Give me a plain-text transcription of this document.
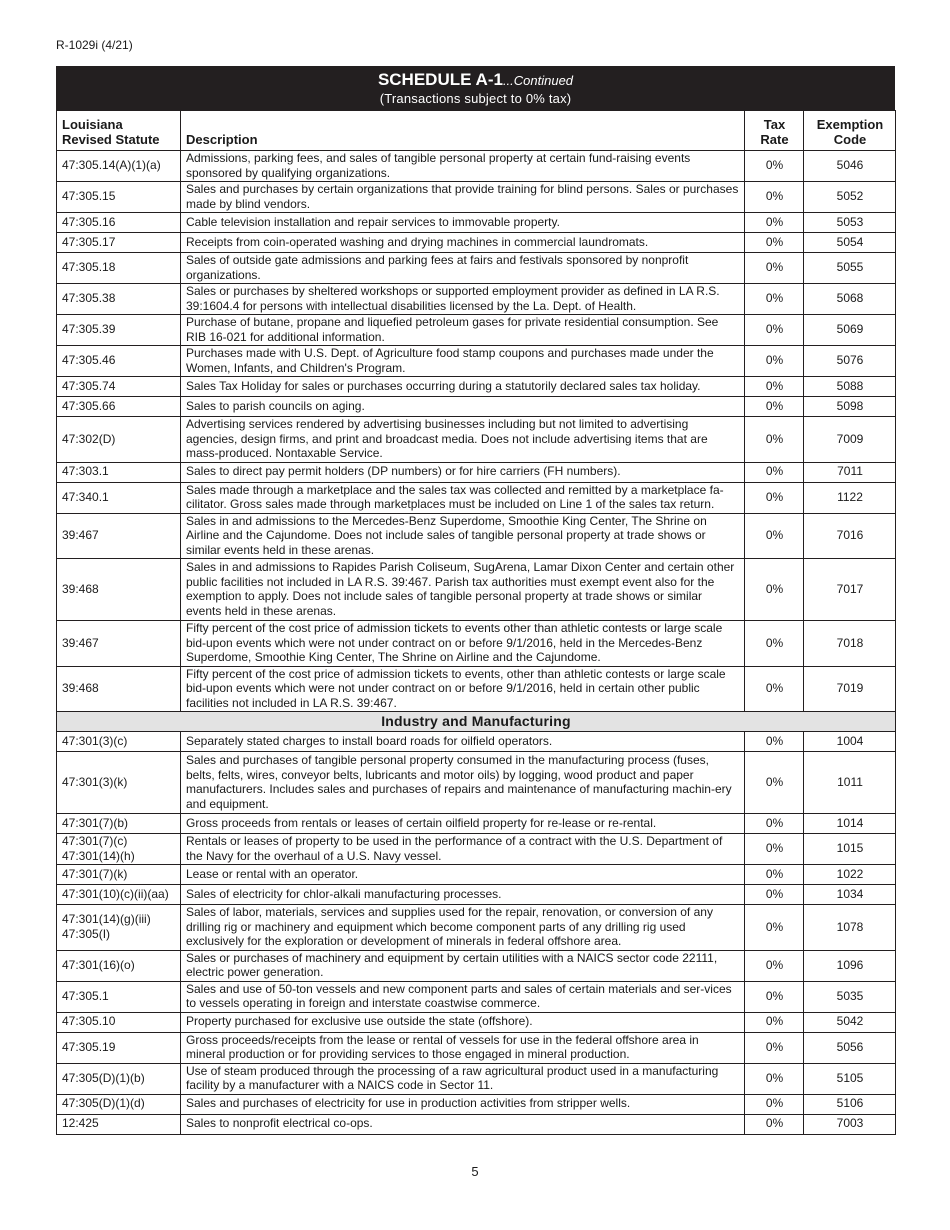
R-1029i (4/21)
SCHEDULE A-1...Continued
(Transactions subject to 0% tax)
Louisiana Revised Statute	Description	Tax Rate	Exemption Code

47:305.14(A)(1)(a)	Admissions, parking fees, and sales of tangible personal property at certain fund-raising events sponsored by qualifying organizations.	0%	5046

47:305.15	Sales and purchases by certain organizations that provide training for blind persons. Sales or purchases made by blind vendors.	0%	5052

47:305.16	Cable television installation and repair services to immovable property.	0%	5053

47:305.17	Receipts from coin-operated washing and drying machines in commercial laundromats.	0%	5054

47:305.18	Sales of outside gate admissions and parking fees at fairs and festivals sponsored by nonprofit organizations.	0%	5055

47:305.38	Sales or purchases by sheltered workshops or supported employment provider as defined in LA R.S. 39:1604.4 for persons with intellectual disabilities licensed by the La. Dept. of Health.	0%	5068

47:305.39	Purchase of butane, propane and liquefied petroleum gases for private residential consumption. See RIB 16-021 for additional information.	0%	5069

47:305.46	Purchases made with U.S. Dept. of Agriculture food stamp coupons and purchases made under the Women, Infants, and Children's Program.	0%	5076

47:305.74	Sales Tax Holiday for sales or purchases occurring during a statutorily declared sales tax holiday.	0%	5088

47:305.66	Sales to parish councils on aging.	0%	5098

47:302(D)	Advertising services rendered by advertising businesses including but not limited to advertising agencies, design firms, and print and broadcast media. Does not include advertising items that are mass-produced. Nontaxable Service.	0%	7009

47:303.1	Sales to direct pay permit holders (DP numbers) or for hire carriers (FH numbers).	0%	7011

47:340.1	Sales made through a marketplace and the sales tax was collected and remitted by a marketplace fa-cilitator. Gross sales made through marketplaces must be included on Line 1 of the sales tax return.	0%	1122

39:467	Sales in and admissions to the Mercedes-Benz Superdome, Smoothie King Center, The Shrine on Airline and the Cajundome. Does not include sales of tangible personal property at trade shows or similar events held in these arenas.	0%	7016

39:468	Sales in and admissions to Rapides Parish Coliseum, SugArena, Lamar Dixon Center and certain other public facilities not included in LA R.S. 39:467. Parish tax authorities must exempt event also for the exemption to apply. Does not include sales of tangible personal property at trade shows or similar events held in these arenas.	0%	7017

39:467	Fifty percent of the cost price of admission tickets to events other than athletic contests or large scale bid-upon events which were not under contract on or before 9/1/2016, held in the Mercedes-Benz Superdome, Smoothie King Center, The Shrine on Airline and the Cajundome.	0%	7018

39:468	Fifty percent of the cost price of admission tickets to events, other than athletic contests or large scale bid-upon events which were not under contract on or before 9/1/2016, held in certain other public facilities not included in LA R.S. 39:467.	0%	7019
Industry and Manufacturing			

47:301(3)(c)	Separately stated charges to install board roads for oilfield operators.	0%	1004

47:301(3)(k)	Sales and purchases of tangible personal property consumed in the manufacturing process (fuses, belts, felts, wires, conveyor belts, lubricants and motor oils) by logging, wood product and paper manufacturers. Includes sales and purchases of repairs and maintenance of manufacturing machin-ery and equipment.	0%	1011

47:301(7)(b)	Gross proceeds from rentals or leases of certain oilfield property for re-lease or re-rental.	0%	1014

47:301(7)(c)
47:301(14)(h)	Rentals or leases of property to be used in the performance of a contract with the U.S. Department of the Navy for the overhaul of a U.S. Navy vessel.	0%	1015

47:301(7)(k)	Lease or rental with an operator.	0%	1022

47:301(10)(c)(ii)(aa)	Sales of electricity for chlor-alkali manufacturing processes.	0%	1034

47:301(14)(g)(iii)
47:305(I)	Sales of labor, materials, services and supplies used for the repair, renovation, or conversion of any drilling rig or machinery and equipment which become component parts of any drilling rig used exclusively for the exploration or development of minerals in federal offshore area.	0%	1078

47:301(16)(o)	Sales or purchases of machinery and equipment by certain utilities with a NAICS sector code 22111, electric power generation.	0%	1096

47:305.1	Sales and use of 50-ton vessels and new component parts and sales of certain materials and ser-vices to vessels operating in foreign and interstate coastwise commerce.	0%	5035

47:305.10	Property purchased for exclusive use outside the state (offshore).	0%	5042

47:305.19	Gross proceeds/receipts from the lease or rental of vessels for use in the federal offshore area in mineral production or for providing services to those engaged in mineral production.	0%	5056

47:305(D)(1)(b)	Use of steam produced through the processing of a raw agricultural product used in a manufacturing facility by a manufacturer with a NAICS code in Sector 11.	0%	5105

47:305(D)(1)(d)	Sales and purchases of electricity for use in production activities from stripper wells.	0%	5106

12:425	Sales to nonprofit electrical co-ops.	0%	7003
5
